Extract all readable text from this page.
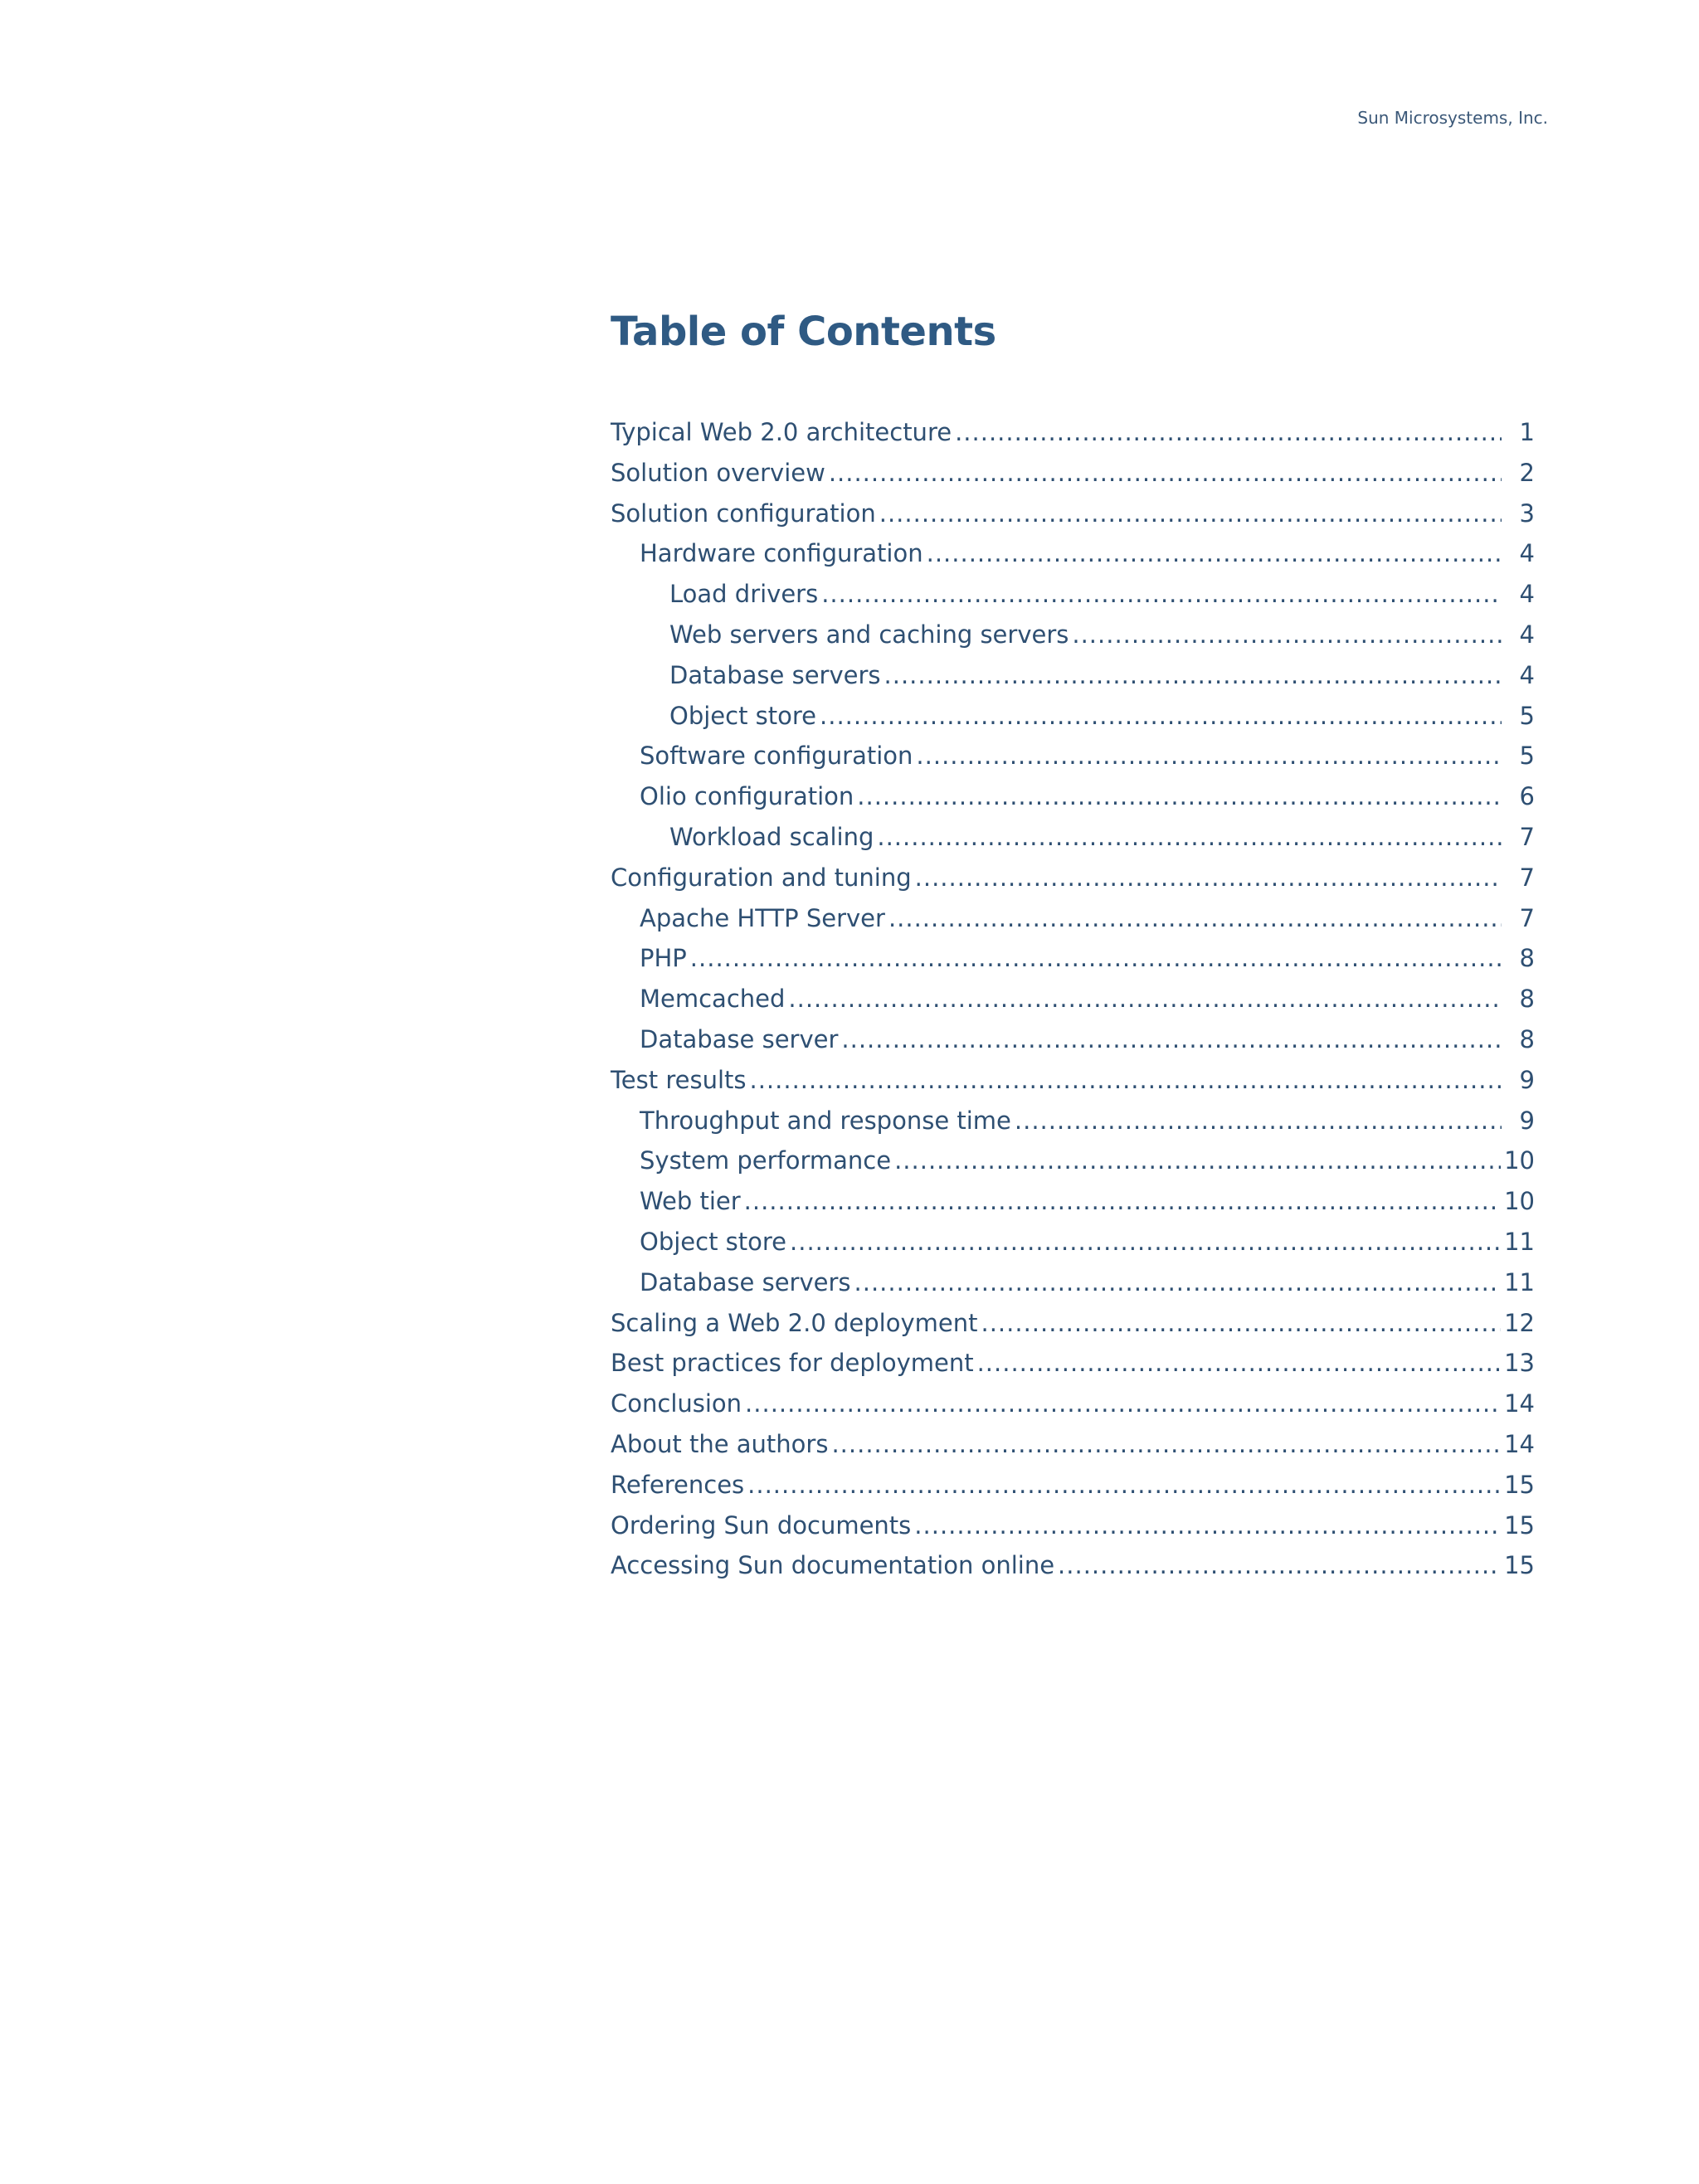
Sun Microsystems, Inc.
Table of Contents
Typical Web 2.0 architecture .....	1
Solution overview .....	2
Solution configuration .....	3
Hardware configuration .....	4
Load drivers .....	4
Web servers and caching servers .....	4
Database servers .....	4
Object store .....	5
Software configuration .....	5
Olio configuration .....	6
Workload scaling .....	7
Configuration and tuning .....	7
Apache HTTP Server .....	7
PHP .....	8
Memcached .....	8
Database server .....	8
Test results .....	9
Throughput and response time .....	9
System performance .....	10
Web tier .....	10
Object store .....	11
Database servers .....	11
Scaling a Web 2.0 deployment .....	12
Best practices for deployment .....	13
Conclusion .....	14
About the authors .....	14
References .....	15
Ordering Sun documents .....	15
Accessing Sun documentation online .....	15
